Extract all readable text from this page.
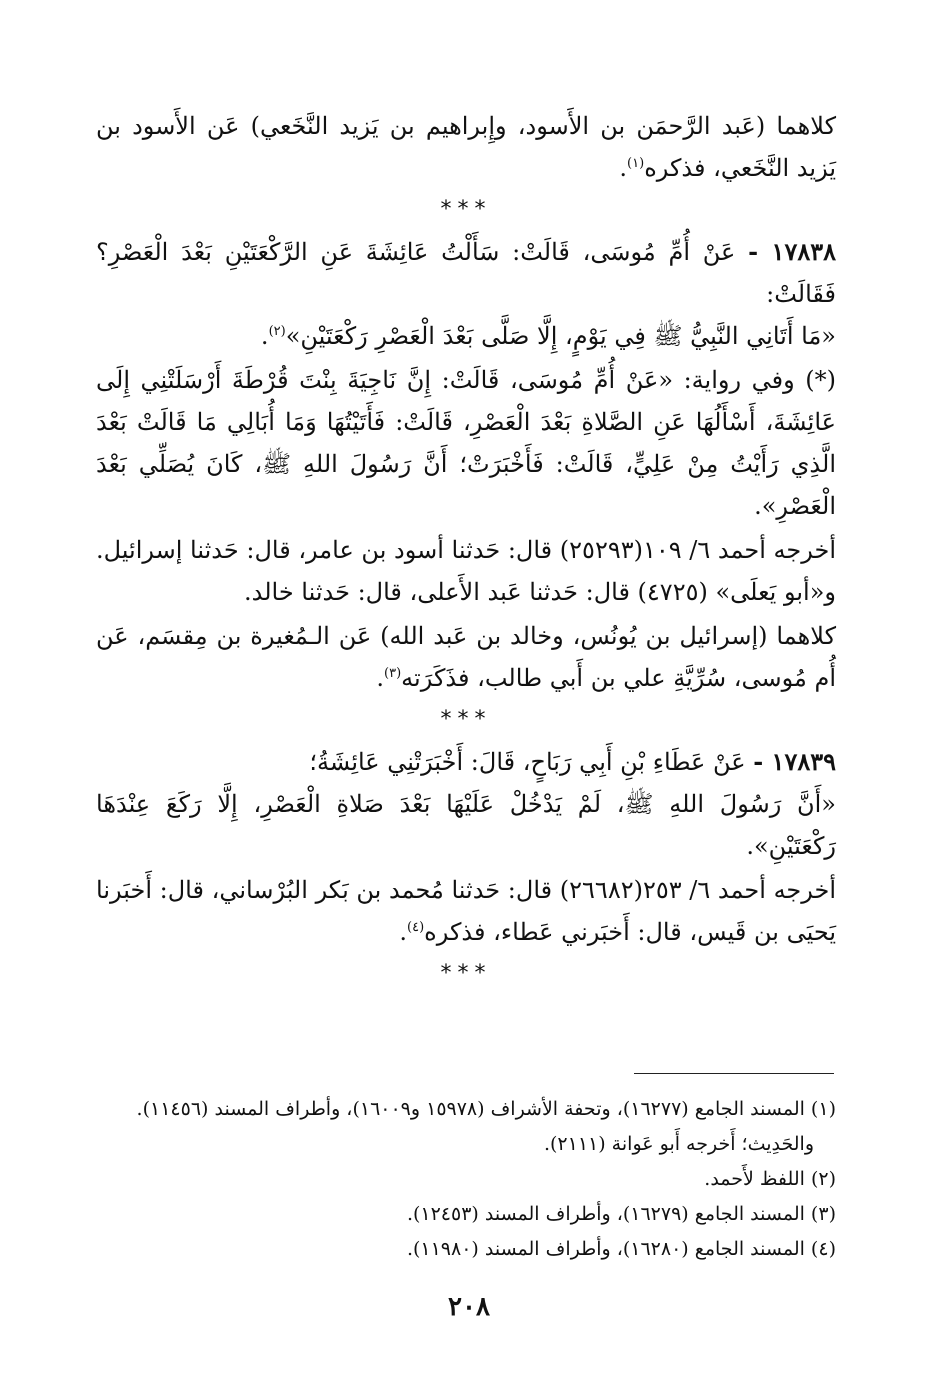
كلاهما (عَبد الرَّحمَن بن الأَسود، وإِبراهيم بن يَزيد النَّخَعي) عَن الأَسود بن يَزيد النَّخَعي، فذكره$^{(١)}$.

***

١٧٨٣٨ - عَنْ أُمِّ مُوسَى، قَالَتْ: سَأَلْتُ عَائِشَةَ عَنِ الرَّكْعَتَيْنِ بَعْدَ الْعَصْرِ؟ فَقَالَتْ:

«مَا أَتَانِي النَّبِيُّ ﷺ فِي يَوْمٍ، إِلَّا صَلَّى بَعْدَ الْعَصْرِ رَكْعَتَيْنِ»$^{(٢)}$.

(*) وفي رواية: «عَنْ أُمِّ مُوسَى، قَالَتْ: إِنَّ نَاجِيَةَ بِنْتَ قُرْطَةَ أَرْسَلَتْنِي إِلَى عَائِشَةَ، أَسْأَلُهَا عَنِ الصَّلاةِ بَعْدَ الْعَصْرِ، قَالَتْ: فَأَتَيْتُهَا وَمَا أُبَالِي مَا قَالَتْ بَعْدَ الَّذِي رَأَيْتُ مِنْ عَلِيٍّ، قَالَتْ: فَأَخْبَرَتْ؛ أَنَّ رَسُولَ اللهِ ﷺ، كَانَ يُصَلِّي بَعْدَ الْعَصْرِ».

أخرجه أحمد ٦/ ١٠٩(٢٥٢٩٣) قال: حَدثنا أسود بن عامر، قال: حَدثنا إسرائيل. و«أبو يَعلَى» (٤٧٢٥) قال: حَدثنا عَبد الأَعلى، قال: حَدثنا خالد.

كلاهما (إسرائيل بن يُونُس، وخالد بن عَبد الله) عَن الـمُغيرة بن مِقسَم، عَن أُم مُوسى، سُرِّيَّةِ علي بن أَبي طالب، فذَكَرَته$^{(٣)}$.

***

١٧٨٣٩ - عَنْ عَطَاءِ بْنِ أَبِي رَبَاحٍ، قَالَ: أَخْبَرَتْنِي عَائِشَةُ؛

«أَنَّ رَسُولَ اللهِ ﷺ، لَمْ يَدْخُلْ عَلَيْهَا بَعْدَ صَلاةِ الْعَصْرِ، إِلَّا رَكَعَ عِنْدَهَا رَكْعَتَيْنِ».

أخرجه أحمد ٦/ ٢٥٣(٢٦٦٨٢) قال: حَدثنا مُحمد بن بَكر البُرْساني، قال: أَخبَرنا يَحيَى بن قَيس، قال: أَخبَرني عَطاء، فذكره$^{(٤)}$.

***

(١) المسند الجامع (١٦٢٧٧)، وتحفة الأشراف (١٥٩٧٨ و١٦٠٠٩)، وأطراف المسند (١١٤٥٦).

والحَدِيث؛ أَخرجه أَبو عَوانة (٢١١١).

(٢) اللفظ لأَحمد.

(٣) المسند الجامع (١٦٢٧٩)، وأطراف المسند (١٢٤٥٣).

(٤) المسند الجامع (١٦٢٨٠)، وأطراف المسند (١١٩٨٠).

٢٠٨
